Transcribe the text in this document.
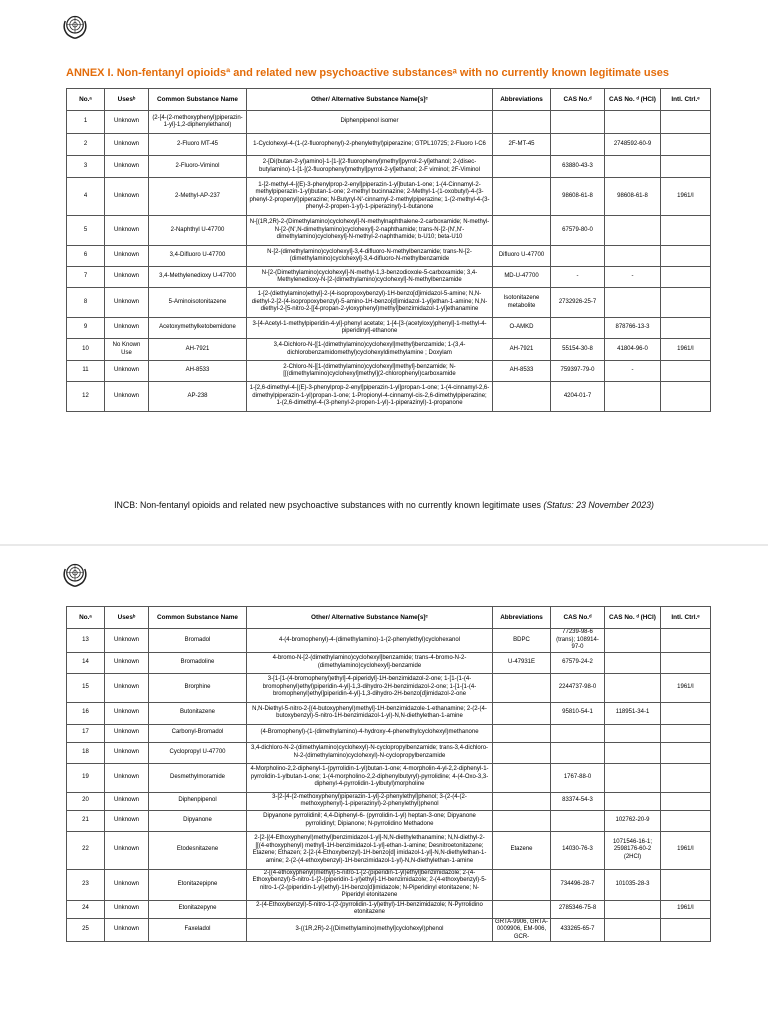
ANNEX I. Non-fentanyl opioidsª and related new psychoactive substancesᵃ with no currently known legitimate uses
No.ᵃ	Usesᵇ	Common Substance Name	Other/ Alternative Substance Name[s]ᶜ	Abbreviations	CAS No.ᵈ	CAS No. ᵈ (HCl)	Intl. Ctrl.ᵉ
1	Unknown	(2-[4-(2-methoxyphenyl)piperazin-1-yl]-1,2-diphenylethanol)	Diphenpipenol isomer				
2	Unknown	2-Fluoro MT-45	1-Cyclohexyl-4-(1-(2-fluorophenyl)-2-phenylethyl)piperazine; GTPL10725; 2-Fluoro I-C6	2F-MT-45		2748592-60-9	
3	Unknown	2-Fluoro-Viminol	2-[Di(butan-2-yl)amino]-1-[1-[(2-fluorophenyl)methyl]pyrrol-2-yl]ethanol; 2-(disec-butylamino)-1-[1-[(2-fluorophenyl)methyl]pyrrol-2-yl]ethanol; 2-F viminol; 2F-Viminol		63880-43-3		
4	Unknown	2-Methyl-AP-237	1-[2-methyl-4-[(E)-3-phenylprop-2-enyl]piperazin-1-yl]butan-1-one; 1-(4-Cinnamyl-2-methylpiperazin-1-yl)butan-1-one; 2-methyl bucinnazine; 2-Methyl-1-(1-oxobutyl)-4-(3-phenyl-2-propenyl)piperazine; N-Butyryl-N'-cinnamyl-2-methylpiperazine; 1-(2-methyl-4-(3-phenyl-2-propen-1-yl)-1-piperazinyl)-1-butanone		98608-61-8	98608-61-8	1961/I
5	Unknown	2-Naphthyl U-47700	N-[(1R,2R)-2-(Dimethylamino)cyclohexyl]-N-methylnaphthalene-2-carboxamide; N-methyl-N-[2-(N',N-dimethylamino)cyclohexyl]-2-naphthamide; trans-N-[2-(N',N'-dimethylamino)cyclohexyl]-N-methyl-2-naphthamide; b-U10; beta-U10		67579-80-0		
6	Unknown	3,4-Difluoro U-47700	N-[2-(dimethylamino)cyclohexyl]-3,4-difluoro-N-methylbenzamide; trans-N-[2-(dimethylamino)cyclohexyl]-3,4-difluoro-N-methylbenzamide	Difluoro U-47700			
7	Unknown	3,4-Methylenedioxy U-47700	N-[2-(Dimethylamino)cyclohexyl]-N-methyl-1,3-benzodioxole-5-carboxamide; 3,4-Methylenedioxy-N-[2-(dimethylamino)cyclohexyl]-N-methylbenzamide	MD-U-47700	-	-	
8	Unknown	5-Aminoisotonitazene	1-[2-(diethylamino)ethyl]-2-(4-isopropoxybenzyl)-1H-benzo[d]imidazol-5-amine; N,N-diethyl-2-[2-(4-isopropoxybenzyl)-5-amino-1H-benzo[d]imidazol-1-yl]ethan-1-amine; N,N-diethyl-2-[5-nitro-2-[[4-propan-2-yloxyphenyl)methyl]benzimidazol-1-yl]ethanamine	Isotonitazene metabolite	2732926-25-7		
9	Unknown	Acetoxymethylketobemidone	3-[4-Acetyl-1-methylpiperidin-4-yl]-phenyl acetate; 1-[4-[3-(acetyloxy)phenyl]-1-methyl-4-piperidinyl]-ethanone	O-AMKD		878766-13-3	
10	No Known Use	AH-7921	3,4-Dichloro-N-{[1-(dimethylamino)cyclohexyl]methyl}benzamide; 1-(3,4-dichlorobenzamidomethyl)cyclohexyldimethylamine ; Doxylam	AH-7921	55154-30-8	41804-96-0	1961/I
11	Unknown	AH-8533	2-Chloro-N-[[1-(dimethylamino)cyclohexyl]methyl]-benzamide; N-[[(dimethylamino)cyclohexyl]methyl](2-chlorophenyl)carboxamide	AH-8533	759397-79-0	-	
12	Unknown	AP-238	1-[2,6-dimethyl-4-[(E)-3-phenylprop-2-enyl]piperazin-1-yl]propan-1-one; 1-(4-cinnamyl-2,6-dimethylpiperazin-1-yl)propan-1-one; 1-Propionyl-4-cinnamyl-cis-2,6-dimethylpiperazine; 1-(2,6-dimethyl-4-(3-phenyl-2-propen-1-yl)-1-piperazinyl)-1-propanone		4204-01-7		
INCB: Non-fentanyl opioids and related new psychoactive substances with no currently known legitimate uses (Status: 23 November 2023)
No.ᵃ	Usesᵇ	Common Substance Name	Other/ Alternative Substance Name[s]ᶜ	Abbreviations	CAS No.ᵈ	CAS No. ᵈ (HCl)	Intl. Ctrl.ᵉ
13	Unknown	Bromadol	4-(4-bromophenyl)-4-(dimethylamino)-1-(2-phenylethyl)cyclohexanol	BDPC	77239-98-6 (trans); 108914-97-0		
14	Unknown	Bromadoline	4-bromo-N-[2-(dimethylamino)cyclohexyl]benzamide; trans-4-bromo-N-2-(dimethylamino)cyclohexyl]-benzamide	U-47931E	67579-24-2		
15	Unknown	Brorphine	3-[1-[1-(4-bromophenyl)ethyl]-4-piperidyl]-1H-benzimidazol-2-one; 1-[1-(1-(4-bromophenyl)ethyl)piperidin-4-yl]-1,3-dihydro-2H-benzimidazol-2-one; 1-[1-[1-(4-bromophenyl)ethyl]piperidin-4-yl]-1,3-dihydro-2H-benzo[d]imidazol-2-one		2244737-98-0		1961/I
16	Unknown	Butonitazene	N,N-Diethyl-5-nitro-2-[(4-butoxyphenyl)methyl]-1H-benzimidazole-1-ethanamine; 2-(2-(4-butoxybenzyl)-5-nitro-1H-benzimidazol-1-yl)-N,N-diethylethan-1-amine		95810-54-1	118951-34-1	
17	Unknown	Carbonyl-Bromadol	(4-Bromophenyl)-(1-(dimethylamino)-4-hydroxy-4-phenethylcyclohexyl)methanone				
18	Unknown	Cyclopropyl U-47700	3,4-dichloro-N-2-(dimethylamino)cyclohexyl)-N-cyclopropylbenzamide; trans-3,4-dichloro-N-2-(dimethylamino)cyclohexyl)-N-cyclopropylbenzamide				
19	Unknown	Desmethylmoramide	4-Morpholino-2,2-diphenyl-1-(pyrrolidin-1-yl)butan-1-one; 4-morpholin-4-yl-2,2-diphenyl-1-pyrrolidin-1-ylbutan-1-one; 1-(4-morpholino-2,2-diphenylbutyryl)-pyrrolidine; 4-(4-Oxo-3,3-diphenyl-4-pyrrolidin-1-ylbutyl)morpholine		1767-88-0		
20	Unknown	Diphenpipenol	3-[2-[4-(2-methoxyphenyl)piperazin-1-yl]-2-phenylethyl]phenol; 3-(2-(4-(2-methoxyphenyl)-1-piperazinyl)-2-phenylethyl)phenol		83374-54-3		
21	Unknown	Dipyanone	Dipyanone pyrrolidinil; 4,4-Diphenyl-6- (pyrrolidin-1-yl) heptan-3-one; Dipyanone pyrrolidinyl; Dipianone; N-pyrrolidino Methadone			102762-20-9	
22	Unknown	Etodesnitazene	2-[2-[(4-Ethoxyphenyl)methyl]benzimidazol-1-yl]-N,N-diethylethanamine; N,N-diethyl-2-[[(4-ethoxyphenyl) methyl]-1H-benzimidazol-1-yl]-ethan-1-amine; Desnitroetonitazene; Etazene; Ethazen; 2-[2-(4-Ethoxybenzyl)-1H-benzo[d] imidazol-1-yl]-N,N-diethylethan-1-amine; 2-(2-(4-ethoxybenzyl)-1H-benzimidazol-1-yl)-N,N-diethylethan-1-amine	Etazene	14030-76-3	1071546-16-1; 2598176-60-2 (2HCl)	1961/I
23	Unknown	Etonitazepipne	2-[(4-ethoxyphenyl)methyl]-5-nitro-1-[2-(piperidin-1-yl)ethyl]benzimidazole; 2-(4-Ethoxybenzyl)-5-nitro-1-[2-(piperidin-1-yl)ethyl]-1H-benzimidazole; 2-(4-ethoxybenzyl)-5-nitro-1-(2-(piperidin-1-yl)ethyl)-1H-benzo[d]imidazole; N-Piperidinyl etonitazene; N-Piperidyl etonitazene		734496-28-7	101035-28-3	
24	Unknown	Etonitazepyne	2-(4-Ethoxybenzyl)-5-nitro-1-(2-(pyrrolidin-1-yl)ethyl)-1H-benzimidazole; N-Pyrrolidino etonitazene		2785346-75-8		1961/I
25	Unknown	Faxeladol	3-((1R,2R)-2-[(Dimethylamino)methyl]cyclohexyl)phenol	GRTA-9906, GRTA-0009906, EM-906, GCR-	433265-65-7		
